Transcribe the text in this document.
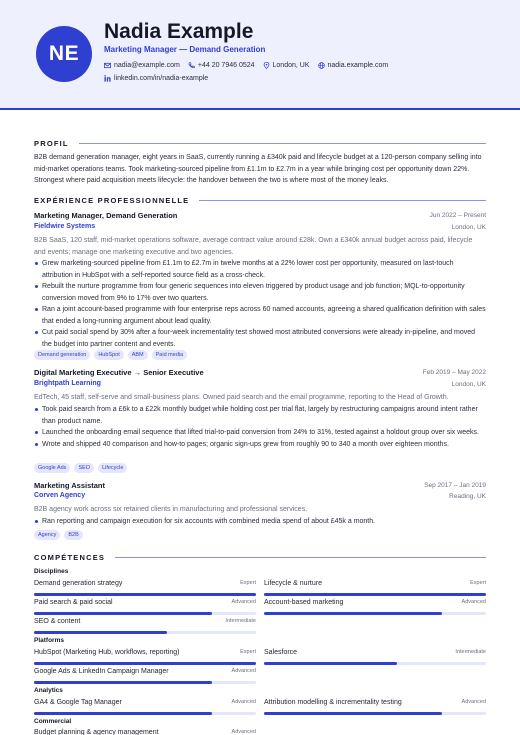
NE
Nadia Example
Marketing Manager — Demand Generation
nadia@example.com	+44 20 7946 0524	London, UK	nadia.example.com
linkedin.com/in/nadia-example
PROFIL
B2B demand generation manager, eight years in SaaS, currently running a £340k paid and lifecycle budget at a 120-person company selling into mid-market operations teams. Took marketing-sourced pipeline from £1.1m to £2.7m in a year while bringing cost per opportunity down 22%. Strongest where paid acquisition meets lifecycle: the handover between the two is where most of the money leaks.
EXPÉRIENCE PROFESSIONNELLE
Marketing Manager, Demand Generation	Jun 2022 – Present
Fieldwire Systems	London, UK
B2B SaaS, 120 staff, mid-market operations software, average contract value around £28k. Own a £340k annual budget across paid, lifecycle and events; manage one marketing executive and two agencies.
Grew marketing-sourced pipeline from £1.1m to £2.7m in twelve months at a 22% lower cost per opportunity, measured on last-touch attribution in HubSpot with a self-reported source field as a cross-check.
Rebuilt the nurture programme from four generic sequences into eleven triggered by product usage and job function; MQL-to-opportunity conversion moved from 9% to 17% over two quarters.
Ran a joint account-based programme with four enterprise reps across 60 named accounts, agreeing a shared qualification definition with sales that ended a long-running argument about lead quality.
Cut paid social spend by 30% after a four-week incrementality test showed most attributed conversions were already in-pipeline, and moved the budget into partner content and events.
Demand generation	HubSpot	ABM	Paid media
Digital Marketing Executive → Senior Executive	Feb 2019 – May 2022
Brightpath Learning	London, UK
EdTech, 45 staff, self-serve and small-business plans. Owned paid search and the email programme, reporting to the Head of Growth.
Took paid search from a £6k to a £22k monthly budget while holding cost per trial flat, largely by restructuring campaigns around intent rather than product name.
Launched the onboarding email sequence that lifted trial-to-paid conversion from 24% to 31%, tested against a holdout group over six weeks.
Wrote and shipped 40 comparison and how-to pages; organic sign-ups grew from roughly 90 to 340 a month over eighteen months.
Google Ads	SEO	Lifecycle
Marketing Assistant	Sep 2017 – Jan 2019
Corven Agency	Reading, UK
B2B agency work across six retained clients in manufacturing and professional services.
Ran reporting and campaign execution for six accounts with combined media spend of about £45k a month.
Agency	B2B
COMPÉTENCES
Disciplines
Demand generation strategy	Expert Lifecycle & nurture	Expert
Paid search & paid social	Advanced Account-based marketing	Advanced
SEO & content	Intermediate
Platforms
HubSpot (Marketing Hub, workflows, reporting)	Expert Salesforce	Intermediate
Google Ads & LinkedIn Campaign Manager	Advanced
Analytics
GA4 & Google Tag Manager	Advanced Attribution modelling & incrementality testing	Advanced
Commercial
Budget planning & agency management	Advanced
